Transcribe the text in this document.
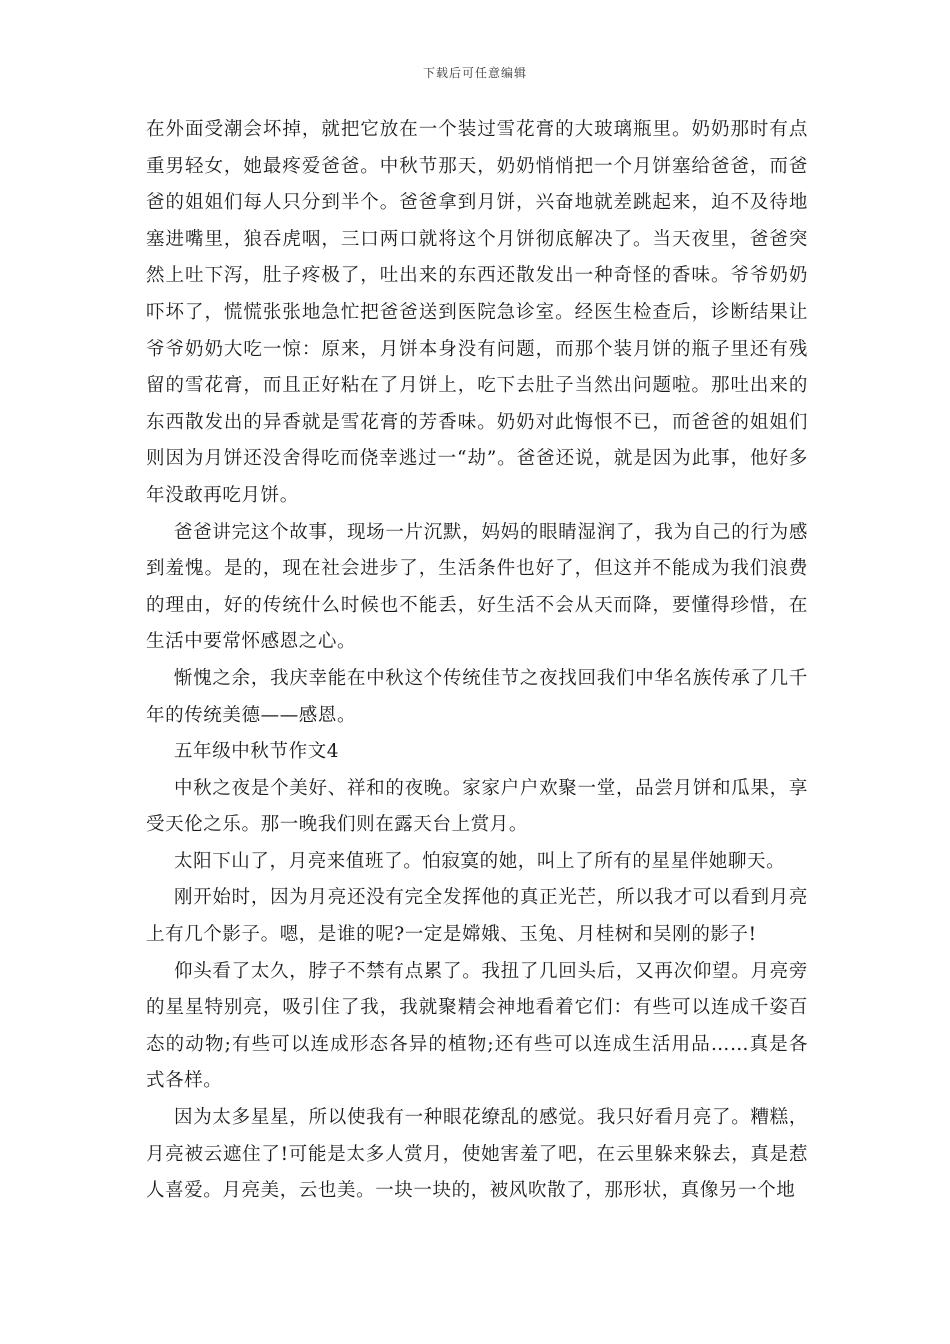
下载后可任意编辑

在外面受潮会坏掉，就把它放在一个装过雪花膏的大玻璃瓶里。奶奶那时有点重男轻女，她最疼爱爸爸。中秋节那天，奶奶悄悄把一个月饼塞给爸爸，而爸爸的姐姐们每人只分到半个。爸爸拿到月饼，兴奋地就差跳起来，迫不及待地塞进嘴里，狼吞虎咽，三口两口就将这个月饼彻底解决了。当天夜里，爸爸突然上吐下泻，肚子疼极了，吐出来的东西还散发出一种奇怪的香味。爷爷奶奶吓坏了，慌慌张张地急忙把爸爸送到医院急诊室。经医生检查后，诊断结果让爷爷奶奶大吃一惊：原来，月饼本身没有问题，而那个装月饼的瓶子里还有残留的雪花膏，而且正好粘在了月饼上，吃下去肚子当然出问题啦。那吐出来的东西散发出的异香就是雪花膏的芳香味。奶奶对此悔恨不已，而爸爸的姐姐们则因为月饼还没舍得吃而侥幸逃过一“劫”。爸爸还说，就是因为此事，他好多年没敢再吃月饼。

爸爸讲完这个故事，现场一片沉默，妈妈的眼睛湿润了，我为自己的行为感到羞愧。是的，现在社会进步了，生活条件也好了，但这并不能成为我们浪费的理由，好的传统什么时候也不能丢，好生活不会从天而降，要懂得珍惜，在生活中要常怀感恩之心。

惭愧之余，我庆幸能在中秋这个传统佳节之夜找回我们中华名族传承了几千年的传统美德——感恩。

五年级中秋节作文4

中秋之夜是个美好、祥和的夜晚。家家户户欢聚一堂，品尝月饼和瓜果，享受天伦之乐。那一晚我们则在露天台上赏月。

太阳下山了，月亮来值班了。怕寂寞的她，叫上了所有的星星伴她聊天。

刚开始时，因为月亮还没有完全发挥他的真正光芒，所以我才可以看到月亮上有几个影子。嗯，是谁的呢?一定是嫦娥、玉兔、月桂树和吴刚的影子!

仰头看了太久，脖子不禁有点累了。我扭了几回头后，又再次仰望。月亮旁的星星特别亮，吸引住了我，我就聚精会神地看着它们：有些可以连成千姿百态的动物;有些可以连成形态各异的植物;还有些可以连成生活用品……真是各式各样。

因为太多星星，所以使我有一种眼花缭乱的感觉。我只好看月亮了。糟糕，月亮被云遮住了!可能是太多人赏月，使她害羞了吧，在云里躲来躲去，真是惹人喜爱。月亮美，云也美。一块一块的，被风吹散了，那形状，真像另一个地
